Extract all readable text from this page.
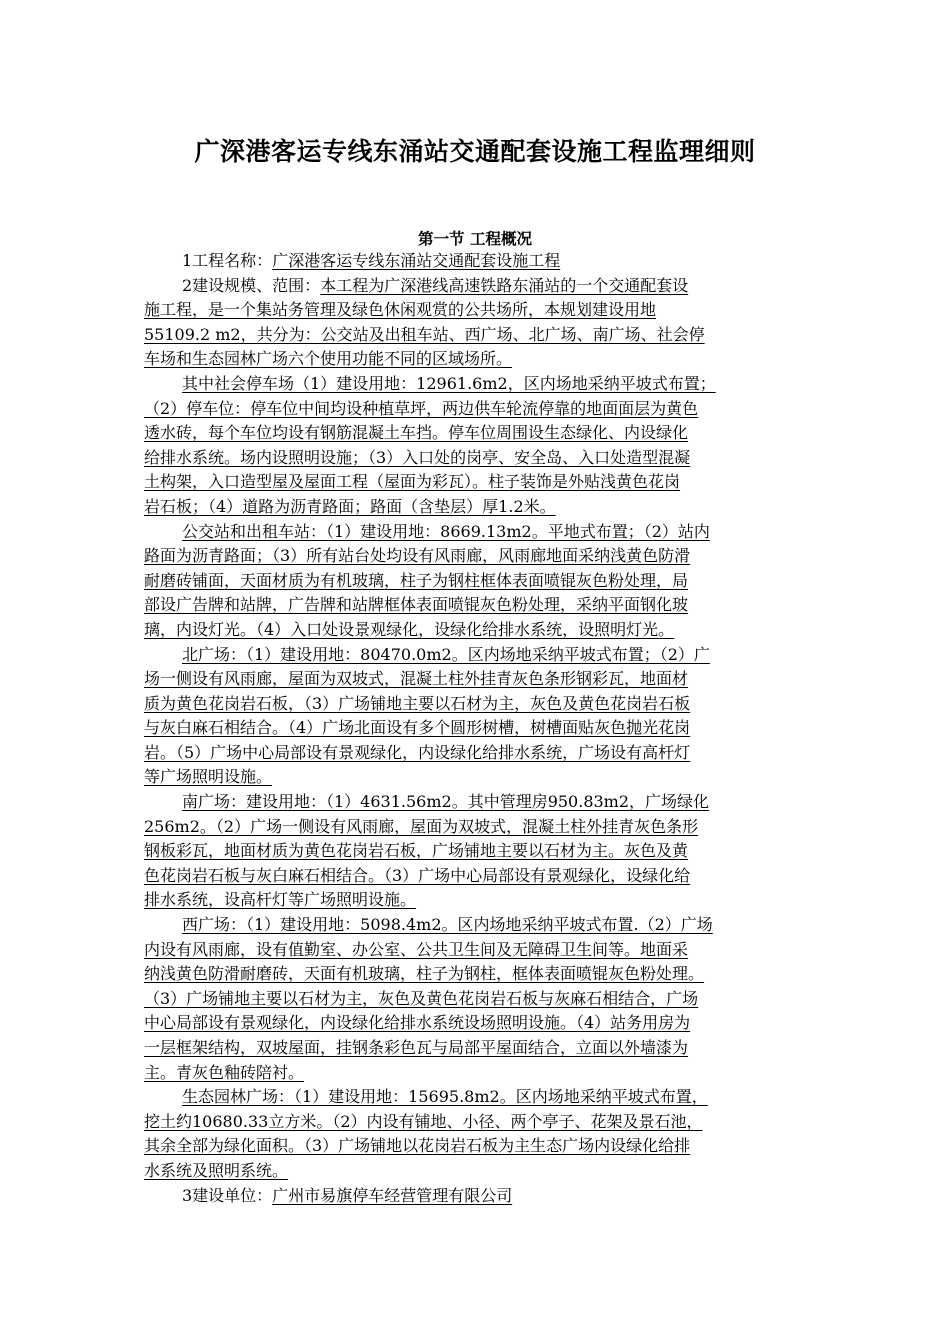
广深港客运专线东涌站交通配套设施工程监理细则
第一节 工程概况
1工程名称：广深港客运专线东涌站交通配套设施工程
2建设规模、范围：本工程为广深港线高速铁路东涌站的一个交通配套设
施工程，是一个集站务管理及绿色休闲观赏的公共场所，本规划建设用地
55109.2 m2，共分为：公交站及出租车站、西广场、北广场、南广场、社会停
车场和生态园林广场六个使用功能不同的区域场所。
其中社会停车场（1）建设用地：12961.6m2，区内场地采纳平坡式布置；
（2）停车位：停车位中间均设种植草坪，两边供车轮流停靠的地面面层为黄色
透水砖，每个车位均设有钢筋混凝土车挡。停车位周围设生态绿化、内设绿化
给排水系统。场内设照明设施；（3）入口处的岗亭、安全岛、入口处造型混凝
土构架，入口造型屋及屋面工程（屋面为彩瓦）。柱子装饰是外贴浅黄色花岗
岩石板；（4）道路为沥青路面；路面（含垫层）厚1.2米。
公交站和出租车站：（1）建设用地：8669.13m2。平地式布置；（2）站内
路面为沥青路面；（3）所有站台处均设有风雨廊，风雨廊地面采纳浅黄色防滑
耐磨砖铺面，天面材质为有机玻璃，柱子为钢柱框体表面喷锟灰色粉处理，局
部设广告牌和站牌，广告牌和站牌框体表面喷锟灰色粉处理，采纳平面钢化玻
璃，内设灯光。（4）入口处设景观绿化，设绿化给排水系统，设照明灯光。
北广场：（1）建设用地：80470.0m2。区内场地采纳平坡式布置；（2）广
场一侧设有风雨廊，屋面为双坡式，混凝土柱外挂青灰色条形钢彩瓦，地面材
质为黄色花岗岩石板，（3）广场铺地主要以石材为主，灰色及黄色花岗岩石板
与灰白麻石相结合。（4）广场北面设有多个圆形树槽，树槽面贴灰色抛光花岗
岩。（5）广场中心局部设有景观绿化，内设绿化给排水系统，广场设有高杆灯
等广场照明设施。
南广场：建设用地：（1）4631.56m2。其中管理房950.83m2，广场绿化
256m2。（2）广场一侧设有风雨廊，屋面为双坡式，混凝土柱外挂青灰色条形
钢板彩瓦，地面材质为黄色花岗岩石板，广场铺地主要以石材为主。灰色及黄
色花岗岩石板与灰白麻石相结合。（3）广场中心局部设有景观绿化，设绿化给
排水系统，设高杆灯等广场照明设施。
西广场：（1）建设用地：5098.4m2。区内场地采纳平坡式布置.（2）广场
内设有风雨廊，设有值勤室、办公室、公共卫生间及无障碍卫生间等。地面采
纳浅黄色防滑耐磨砖，天面有机玻璃，柱子为钢柱，框体表面喷锟灰色粉处理。
（3）广场铺地主要以石材为主，灰色及黄色花岗岩石板与灰麻石相结合，广场
中心局部设有景观绿化，内设绿化给排水系统设场照明设施。（4）站务用房为
一层框架结构，双坡屋面，挂钢条彩色瓦与局部平屋面结合，立面以外墙漆为
主。青灰色釉砖陪衬。
生态园林广场：（1）建设用地：15695.8m2。区内场地采纳平坡式布置，
挖土约10680.33立方米。（2）内设有铺地、小径、两个亭子、花架及景石池，
其余全部为绿化面积。（3）广场铺地以花岗岩石板为主生态广场内设绿化给排
水系统及照明系统。
3建设单位：广州市易旗停车经营管理有限公司
